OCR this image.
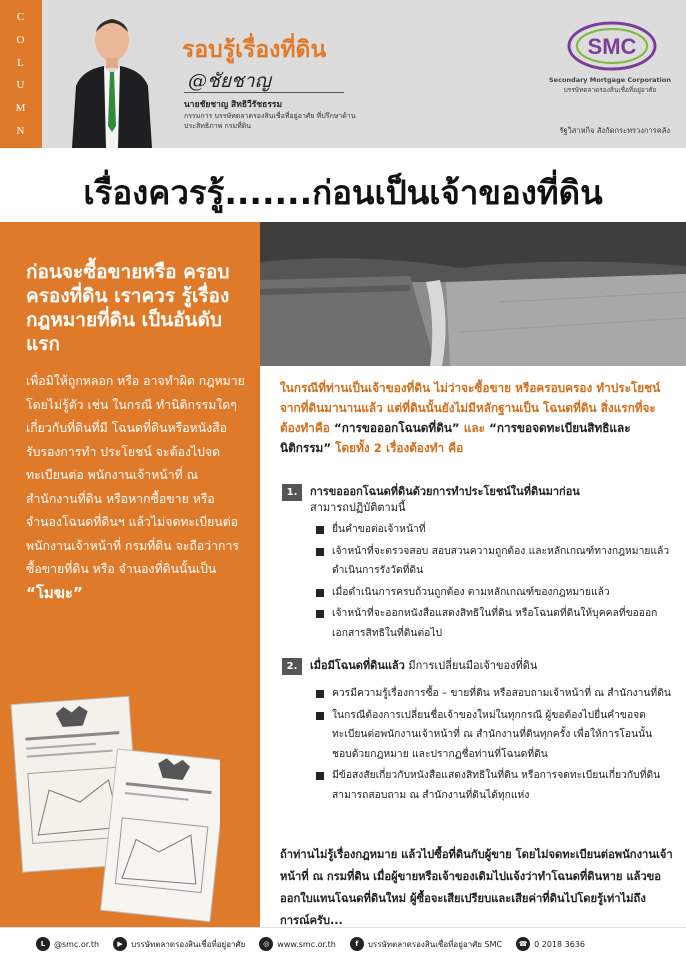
C
O
L
U
M
N
รอบรู้เรื่องที่ดิน
@ชัยชาญ
นายชัยชาญ สิทธิวีรัชธรรม
กรรมการ บรรษัทตลาดรองสินเชื่อที่อยู่อาศัย ที่ปรึกษาด้านประสิทธิภาพ กรมที่ดิน
SMC
Secondary Mortgage Corporation
บรรษัทตลาดรองสินเชื่อที่อยู่อาศัย
รัฐวิสาหกิจ สังกัดกระทรวงการคลัง
เรื่องควรรู้.......ก่อนเป็นเจ้าของที่ดิน
ก่อนจะซื้อขายหรือ ครอบครองที่ดิน เราควร รู้เรื่องกฎหมายที่ดิน เป็นอันดับแรก
เพื่อมิให้ถูกหลอก หรือ อาจทำผิด กฎหมายโดยไม่รู้ตัว เช่น ในกรณี ทำนิติกรรมใดๆ เกี่ยวกับที่ดินที่มี โฉนดที่ดินหรือหนังสือรับรองการทำ ประโยชน์ จะต้องไปจดทะเบียนต่อ พนักงานเจ้าหน้าที่ ณ สำนักงานที่ดิน หรือหากซื้อขาย หรือ จำนองโฉนดที่ดินฯ แล้วไม่จดทะเบียนต่อพนักงานเจ้าหน้าที่ กรมที่ดิน จะถือว่าการซื้อขายที่ดิน หรือ จำนองที่ดินนั้นเป็น “โมฆะ”
ในกรณีที่ท่านเป็นเจ้าของที่ดิน ไม่ว่าจะซื้อขาย หรือครอบครอง ทำประโยชน์จากที่ดินมานานแล้ว แต่ที่ดินนั้นยังไม่มีหลักฐานเป็น โฉนดที่ดิน สิ่งแรกที่จะต้องทำคือ “การขอออกโฉนดที่ดิน” และ “การขอจดทะเบียนสิทธิและนิติกรรม” โดยทั้ง 2 เรื่องต้องทำ คือ
1.	การขอออกโฉนดที่ดินด้วยการทำประโยชน์ในที่ดินมาก่อน
สามารถปฏิบัติตามนี้
ยื่นคำขอต่อเจ้าหน้าที่
เจ้าหน้าที่จะตรวจสอบ สอบสวนความถูกต้อง และหลักเกณฑ์ทางกฎหมายแล้วดำเนินการรังวัดที่ดิน
เมื่อดำเนินการครบถ้วนถูกต้อง ตามหลักเกณฑ์ของกฎหมายแล้ว
เจ้าหน้าที่จะออกหนังสือแสดงสิทธิในที่ดิน หรือโฉนดที่ดินให้บุคคลที่ขอออกเอกสารสิทธิในที่ดินต่อไป
2.	เมื่อมีโฉนดที่ดินแล้ว มีการเปลี่ยนมือเจ้าของที่ดิน
ควรมีความรู้เรื่องการซื้อ – ขายที่ดิน หรือสอบถามเจ้าหน้าที่ ณ สำนักงานที่ดิน
ในกรณีต้องการเปลี่ยนชื่อเจ้าของใหม่ในทุกกรณี ผู้ขอต้องไปยื่นคำขอจดทะเบียนต่อพนักงานเจ้าหน้าที่ ณ สำนักงานที่ดินทุกครั้ง เพื่อให้การโอนนั้นชอบด้วยกฎหมาย และปรากฏชื่อท่านที่โฉนดที่ดิน
มีข้อสงสัยเกี่ยวกับหนังสือแสดงสิทธิในที่ดิน หรือการจดทะเบียนเกี่ยวกับที่ดิน สามารถสอบถาม ณ สำนักงานที่ดินได้ทุกแห่ง
ถ้าท่านไม่รู้เรื่องกฎหมาย แล้วไปซื้อที่ดินกับผู้ขาย โดยไม่จดทะเบียนต่อพนักงานเจ้าหน้าที่ ณ กรมที่ดิน เมื่อผู้ขายหรือเจ้าของเดิมไปแจ้งว่าทำโฉนดที่ดินหาย แล้วขอออกใบแทนโฉนดที่ดินใหม่ ผู้ซื้อจะเสียเปรียบและเสียค่าที่ดินไปโดยรู้เท่าไม่ถึงการณ์ครับ...
L	@smc.or.th	▶	บรรษัทตลาดรองสินเชื่อที่อยู่อาศัย	◎ www.smc.or.th	f	บรรษัทตลาดรองสินเชื่อที่อยู่อาศัย SMC	☎ 0 2018 3636
